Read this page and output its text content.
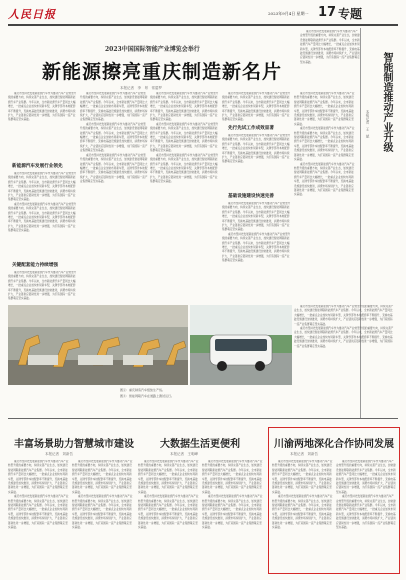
人民日报	2023年9月4日 星期一 17 专题
2023中国国际智能产业博览会举行
新能源擦亮重庆制造新名片
本报记者　李　昂　常碧罗

重庆市坚持把发展新能源汽车作为推动汽车产业转型升级的重要方向，持续完善产业生态，加快建设智能网联新能源汽车产业集群。今年以来，全市新能源汽车产量同比大幅增长，一批重点企业加快布局新车型，关键零部件本地配套率不断提升，充换电基础设施建设加快推进，消费市场持续扩大，产业链供应链韧性进一步增强，为打造国际一流产业集群奠定坚实基础。

新能源汽车发展行业领先

重庆市坚持把发展新能源汽车作为推动汽车产业转型升级的重要方向，持续完善产业生态，加快建设智能网联新能源汽车产业集群。今年以来，全市新能源汽车产量同比大幅增长，一批重点企业加快布局新车型，关键零部件本地配套率不断提升，充换电基础设施建设加快推进，消费市场持续扩大，产业链供应链韧性进一步增强，为打造国际一流产业集群奠定坚实基础。

重庆市坚持把发展新能源汽车作为推动汽车产业转型升级的重要方向，持续完善产业生态，加快建设智能网联新能源汽车产业集群。今年以来，全市新能源汽车产量同比大幅增长，一批重点企业加快布局新车型，关键零部件本地配套率不断提升，充换电基础设施建设加快推进，消费市场持续扩大，产业链供应链韧性进一步增强，为打造国际一流产业集群奠定坚实基础。

关键配套能力持续增强

重庆市坚持把发展新能源汽车作为推动汽车产业转型升级的重要方向，持续完善产业生态，加快建设智能网联新能源汽车产业集群。今年以来，全市新能源汽车产量同比大幅增长，一批重点企业加快布局新车型，关键零部件本地配套率不断提升，充换电基础设施建设加快推进，消费市场持续扩大，产业链供应链韧性进一步增强，为打造国际一流产业集群奠定坚实基础。

重庆市坚持把发展新能源汽车作为推动汽车产业转型升级的重要方向，持续完善产业生态，加快建设智能网联新能源汽车产业集群。今年以来，全市新能源汽车产量同比大幅增长，一批重点企业加快布局新车型，关键零部件本地配套率不断提升，充换电基础设施建设加快推进，消费市场持续扩大，产业链供应链韧性进一步增强，为打造国际一流产业集群奠定坚实基础。

重庆市坚持把发展新能源汽车作为推动汽车产业转型升级的重要方向，持续完善产业生态，加快建设智能网联新能源汽车产业集群。今年以来，全市新能源汽车产量同比大幅增长，一批重点企业加快布局新车型，关键零部件本地配套率不断提升，充换电基础设施建设加快推进，消费市场持续扩大，产业链供应链韧性进一步增强，为打造国际一流产业集群奠定坚实基础。

重庆市坚持把发展新能源汽车作为推动汽车产业转型升级的重要方向，持续完善产业生态，加快建设智能网联新能源汽车产业集群。今年以来，全市新能源汽车产量同比大幅增长，一批重点企业加快布局新车型，关键零部件本地配套率不断提升，充换电基础设施建设加快推进，消费市场持续扩大，产业链供应链韧性进一步增强，为打造国际一流产业集群奠定坚实基础。

重庆市坚持把发展新能源汽车作为推动汽车产业转型升级的重要方向，持续完善产业生态，加快建设智能网联新能源汽车产业集群。今年以来，全市新能源汽车产量同比大幅增长，一批重点企业加快布局新车型，关键零部件本地配套率不断提升，充换电基础设施建设加快推进，消费市场持续扩大，产业链供应链韧性进一步增强，为打造国际一流产业集群奠定坚实基础。

重庆市坚持把发展新能源汽车作为推动汽车产业转型升级的重要方向，持续完善产业生态，加快建设智能网联新能源汽车产业集群。今年以来，全市新能源汽车产量同比大幅增长，一批重点企业加快布局新车型，关键零部件本地配套率不断提升，充换电基础设施建设加快推进，消费市场持续扩大，产业链供应链韧性进一步增强，为打造国际一流产业集群奠定坚实基础。

重庆市坚持把发展新能源汽车作为推动汽车产业转型升级的重要方向，持续完善产业生态，加快建设智能网联新能源汽车产业集群。今年以来，全市新能源汽车产量同比大幅增长，一批重点企业加快布局新车型，关键零部件本地配套率不断提升，充换电基础设施建设加快推进，消费市场持续扩大，产业链供应链韧性进一步增强，为打造国际一流产业集群奠定坚实基础。

重庆市坚持把发展新能源汽车作为推动汽车产业转型升级的重要方向，持续完善产业生态，加快建设智能网联新能源汽车产业集群。今年以来，全市新能源汽车产量同比大幅增长，一批重点企业加快布局新车型，关键零部件本地配套率不断提升，充换电基础设施建设加快推进，消费市场持续扩大，产业链供应链韧性进一步增强，为打造国际一流产业集群奠定坚实基础。

先行先试工作成效显著

重庆市坚持把发展新能源汽车作为推动汽车产业转型升级的重要方向，持续完善产业生态，加快建设智能网联新能源汽车产业集群。今年以来，全市新能源汽车产量同比大幅增长，一批重点企业加快布局新车型，关键零部件本地配套率不断提升，充换电基础设施建设加快推进，消费市场持续扩大，产业链供应链韧性进一步增强，为打造国际一流产业集群奠定坚实基础。

基础设施建设快速完善

重庆市坚持把发展新能源汽车作为推动汽车产业转型升级的重要方向，持续完善产业生态，加快建设智能网联新能源汽车产业集群。今年以来，全市新能源汽车产量同比大幅增长，一批重点企业加快布局新车型，关键零部件本地配套率不断提升，充换电基础设施建设加快推进，消费市场持续扩大，产业链供应链韧性进一步增强，为打造国际一流产业集群奠定坚实基础。

重庆市坚持把发展新能源汽车作为推动汽车产业转型升级的重要方向，持续完善产业生态，加快建设智能网联新能源汽车产业集群。今年以来，全市新能源汽车产量同比大幅增长，一批重点企业加快布局新车型，关键零部件本地配套率不断提升，充换电基础设施建设加快推进，消费市场持续扩大，产业链供应链韧性进一步增强，为打造国际一流产业集群奠定坚实基础。

重庆市坚持把发展新能源汽车作为推动汽车产业转型升级的重要方向，持续完善产业生态，加快建设智能网联新能源汽车产业集群。今年以来，全市新能源汽车产量同比大幅增长，一批重点企业加快布局新车型，关键零部件本地配套率不断提升，充换电基础设施建设加快推进，消费市场持续扩大，产业链供应链韧性进一步增强，为打造国际一流产业集群奠定坚实基础。

重庆市坚持把发展新能源汽车作为推动汽车产业转型升级的重要方向，持续完善产业生态，加快建设智能网联新能源汽车产业集群。今年以来，全市新能源汽车产量同比大幅增长，一批重点企业加快布局新车型，关键零部件本地配套率不断提升，充换电基础设施建设加快推进，消费市场持续扩大，产业链供应链韧性进一步增强，为打造国际一流产业集群奠定坚实基础。

重庆市坚持把发展新能源汽车作为推动汽车产业转型升级的重要方向，持续完善产业生态，加快建设智能网联新能源汽车产业集群。今年以来，全市新能源汽车产量同比大幅增长，一批重点企业加快布局新车型，关键零部件本地配套率不断提升，充换电基础设施建设加快推进，消费市场持续扩大，产业链供应链韧性进一步增强，为打造国际一流产业集群奠定坚实基础。

重庆市坚持把发展新能源汽车作为推动汽车产业转型升级的重要方向，持续完善产业生态，加快建设智能网联新能源汽车产业集群。今年以来，全市新能源汽车产量同比大幅增长，一批重点企业加快布局新车型，关键零部件本地配套率不断提升，充换电基础设施建设加快推进，消费市场持续扩大，产业链供应链韧性进一步增强，为打造国际一流产业集群奠定坚实基础。	智能制造推动产业升级
本报记者　王　斌

重庆市坚持把发展新能源汽车作为推动汽车产业转型升级的重要方向，持续完善产业生态，加快建设智能网联新能源汽车产业集群。今年以来，全市新能源汽车产量同比大幅增长，一批重点企业加快布局新车型，关键零部件本地配套率不断提升，充换电基础设施建设加快推进，消费市场持续扩大，产业链供应链韧性进一步增强，为打造国际一流产业集群奠定坚实基础。

重庆市坚持把发展新能源汽车作为推动汽车产业转型升级的重要方向，持续完善产业生态，加快建设智能网联新能源汽车产业集群。今年以来，全市新能源汽车产量同比大幅增长，一批重点企业加快布局新车型，关键零部件本地配套率不断提升，充换电基础设施建设加快推进，消费市场持续扩大，产业链供应链韧性进一步增强，为打造国际一流产业集群奠定坚实基础。

图①：重庆制造汽车组装生产线。
图②：智能网联汽车在道路上测试运行。
丰富场景助力智慧城市建设
本报记者　刘新吾

重庆市坚持把发展新能源汽车作为推动汽车产业转型升级的重要方向，持续完善产业生态，加快建设智能网联新能源汽车产业集群。今年以来，全市新能源汽车产量同比大幅增长，一批重点企业加快布局新车型，关键零部件本地配套率不断提升，充换电基础设施建设加快推进，消费市场持续扩大，产业链供应链韧性进一步增强，为打造国际一流产业集群奠定坚实基础。

重庆市坚持把发展新能源汽车作为推动汽车产业转型升级的重要方向，持续完善产业生态，加快建设智能网联新能源汽车产业集群。今年以来，全市新能源汽车产量同比大幅增长，一批重点企业加快布局新车型，关键零部件本地配套率不断提升，充换电基础设施建设加快推进，消费市场持续扩大，产业链供应链韧性进一步增强，为打造国际一流产业集群奠定坚实基础。

重庆市坚持把发展新能源汽车作为推动汽车产业转型升级的重要方向，持续完善产业生态，加快建设智能网联新能源汽车产业集群。今年以来，全市新能源汽车产量同比大幅增长，一批重点企业加快布局新车型，关键零部件本地配套率不断提升，充换电基础设施建设加快推进，消费市场持续扩大，产业链供应链韧性进一步增强，为打造国际一流产业集群奠定坚实基础。

重庆市坚持把发展新能源汽车作为推动汽车产业转型升级的重要方向，持续完善产业生态，加快建设智能网联新能源汽车产业集群。今年以来，全市新能源汽车产量同比大幅增长，一批重点企业加快布局新车型，关键零部件本地配套率不断提升，充换电基础设施建设加快推进，消费市场持续扩大，产业链供应链韧性进一步增强，为打造国际一流产业集群奠定坚实基础。

大数据生活更便利
本报记者　王明峰

重庆市坚持把发展新能源汽车作为推动汽车产业转型升级的重要方向，持续完善产业生态，加快建设智能网联新能源汽车产业集群。今年以来，全市新能源汽车产量同比大幅增长，一批重点企业加快布局新车型，关键零部件本地配套率不断提升，充换电基础设施建设加快推进，消费市场持续扩大，产业链供应链韧性进一步增强，为打造国际一流产业集群奠定坚实基础。

重庆市坚持把发展新能源汽车作为推动汽车产业转型升级的重要方向，持续完善产业生态，加快建设智能网联新能源汽车产业集群。今年以来，全市新能源汽车产量同比大幅增长，一批重点企业加快布局新车型，关键零部件本地配套率不断提升，充换电基础设施建设加快推进，消费市场持续扩大，产业链供应链韧性进一步增强，为打造国际一流产业集群奠定坚实基础。

重庆市坚持把发展新能源汽车作为推动汽车产业转型升级的重要方向，持续完善产业生态，加快建设智能网联新能源汽车产业集群。今年以来，全市新能源汽车产量同比大幅增长，一批重点企业加快布局新车型，关键零部件本地配套率不断提升，充换电基础设施建设加快推进，消费市场持续扩大，产业链供应链韧性进一步增强，为打造国际一流产业集群奠定坚实基础。

重庆市坚持把发展新能源汽车作为推动汽车产业转型升级的重要方向，持续完善产业生态，加快建设智能网联新能源汽车产业集群。今年以来，全市新能源汽车产量同比大幅增长，一批重点企业加快布局新车型，关键零部件本地配套率不断提升，充换电基础设施建设加快推进，消费市场持续扩大，产业链供应链韧性进一步增强，为打造国际一流产业集群奠定坚实基础。

川渝两地深化合作协同发展
本报记者　刘新吾

重庆市坚持把发展新能源汽车作为推动汽车产业转型升级的重要方向，持续完善产业生态，加快建设智能网联新能源汽车产业集群。今年以来，全市新能源汽车产量同比大幅增长，一批重点企业加快布局新车型，关键零部件本地配套率不断提升，充换电基础设施建设加快推进，消费市场持续扩大，产业链供应链韧性进一步增强，为打造国际一流产业集群奠定坚实基础。

重庆市坚持把发展新能源汽车作为推动汽车产业转型升级的重要方向，持续完善产业生态，加快建设智能网联新能源汽车产业集群。今年以来，全市新能源汽车产量同比大幅增长，一批重点企业加快布局新车型，关键零部件本地配套率不断提升，充换电基础设施建设加快推进，消费市场持续扩大，产业链供应链韧性进一步增强，为打造国际一流产业集群奠定坚实基础。

重庆市坚持把发展新能源汽车作为推动汽车产业转型升级的重要方向，持续完善产业生态，加快建设智能网联新能源汽车产业集群。今年以来，全市新能源汽车产量同比大幅增长，一批重点企业加快布局新车型，关键零部件本地配套率不断提升，充换电基础设施建设加快推进，消费市场持续扩大，产业链供应链韧性进一步增强，为打造国际一流产业集群奠定坚实基础。

重庆市坚持把发展新能源汽车作为推动汽车产业转型升级的重要方向，持续完善产业生态，加快建设智能网联新能源汽车产业集群。今年以来，全市新能源汽车产量同比大幅增长，一批重点企业加快布局新车型，关键零部件本地配套率不断提升，充换电基础设施建设加快推进，消费市场持续扩大，产业链供应链韧性进一步增强，为打造国际一流产业集群奠定坚实基础。
